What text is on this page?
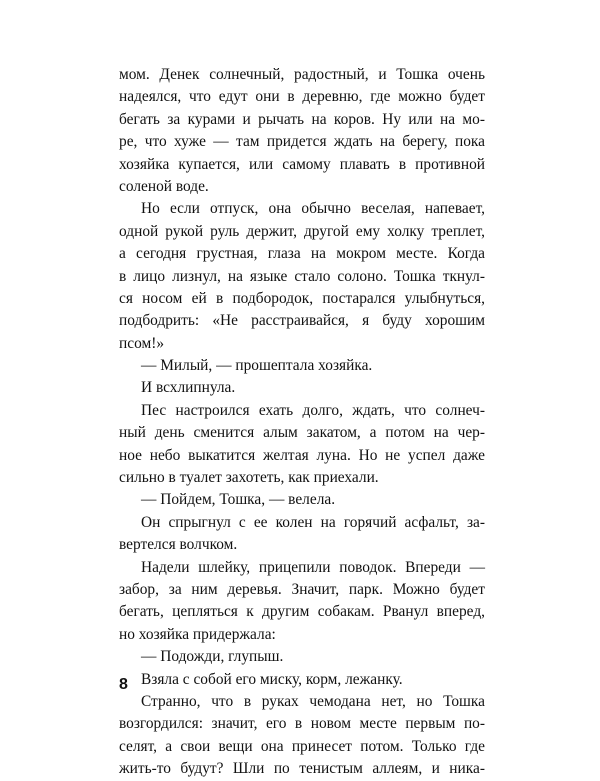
мом. Денек солнечный, радостный, и Тошка очень
надеялся, что едут они в деревню, где можно будет
бегать за курами и рычать на коров. Ну или на мо-
ре, что хуже — там придется ждать на берегу, пока
хозяйка купается, или самому плавать в противной
соленой воде.
Но если отпуск, она обычно веселая, напевает,
одной рукой руль держит, другой ему холку треплет,
а сегодня грустная, глаза на мокром месте. Когда
в лицо лизнул, на языке стало солоно. Тошка ткнул-
ся носом ей в подбородок, постарался улыбнуться,
подбодрить: «Не расстраивайся, я буду хорошим
псом!»
— Милый, — прошептала хозяйка.
И всхлипнула.
Пес настроился ехать долго, ждать, что солнеч-
ный день сменится алым закатом, а потом на чер-
ное небо выкатится желтая луна. Но не успел даже
сильно в туалет захотеть, как приехали.
— Пойдем, Тошка, — велела.
Он спрыгнул с ее колен на горячий асфальт, за-
вертелся волчком.
Надели шлейку, прицепили поводок. Впереди —
забор, за ним деревья. Значит, парк. Можно будет
бегать, цепляться к другим собакам. Рванул вперед,
но хозяйка придержала:
— Подожди, глупыш.
Взяла с собой его миску, корм, лежанку.
Странно, что в руках чемодана нет, но Тошка
возгордился: значит, его в новом месте первым по-
селят, а свои вещи она принесет потом. Только где
жить-то будут? Шли по тенистым аллеям, и ника-
8
